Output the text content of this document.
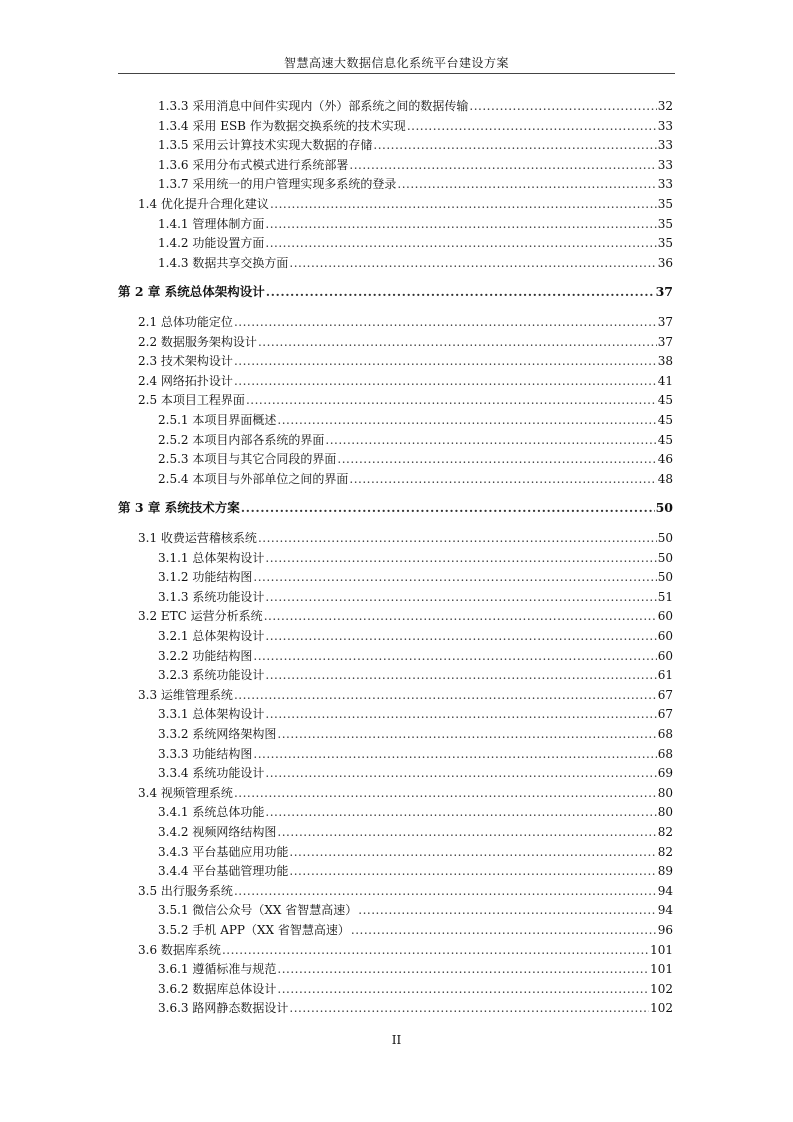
智慧高速大数据信息化系统平台建设方案
1.3.3 采用消息中间件实现内（外）部系统之间的数据传输 .....	32
1.3.4 采用 ESB 作为数据交换系统的技术实现 .....	33
1.3.5 采用云计算技术实现大数据的存储 .....	33
1.3.6 采用分布式模式进行系统部署 .....	33
1.3.7 采用统一的用户管理实现多系统的登录 .....	33
1.4 优化提升合理化建议 .....	35
1.4.1 管理体制方面 .....	35
1.4.2 功能设置方面 .....	35
1.4.3 数据共享交换方面 .....	36
第 2 章 系统总体架构设计 .....	37
2.1 总体功能定位 .....	37
2.2 数据服务架构设计 .....	37
2.3 技术架构设计 .....	38
2.4 网络拓扑设计 .....	41
2.5 本项目工程界面 .....	45
2.5.1 本项目界面概述 .....	45
2.5.2 本项目内部各系统的界面 .....	45
2.5.3 本项目与其它合同段的界面 .....	46
2.5.4 本项目与外部单位之间的界面 .....	48
第 3 章 系统技术方案 .....	50
3.1 收费运营稽核系统 .....	50
3.1.1 总体架构设计 .....	50
3.1.2 功能结构图 .....	50
3.1.3 系统功能设计 .....	51
3.2 ETC 运营分析系统 .....	60
3.2.1 总体架构设计 .....	60
3.2.2 功能结构图 .....	60
3.2.3 系统功能设计 .....	61
3.3 运维管理系统 .....	67
3.3.1 总体架构设计 .....	67
3.3.2 系统网络架构图 .....	68
3.3.3 功能结构图 .....	68
3.3.4 系统功能设计 .....	69
3.4 视频管理系统 .....	80
3.4.1 系统总体功能 .....	80
3.4.2 视频网络结构图 .....	82
3.4.3 平台基础应用功能 .....	82
3.4.4 平台基础管理功能 .....	89
3.5 出行服务系统 .....	94
3.5.1 微信公众号（XX 省智慧高速） .....	94
3.5.2 手机 APP（XX 省智慧高速） .....	96
3.6 数据库系统 .....	101
3.6.1 遵循标准与规范 .....	101
3.6.2 数据库总体设计 .....	102
3.6.3 路网静态数据设计 .....	102
II
